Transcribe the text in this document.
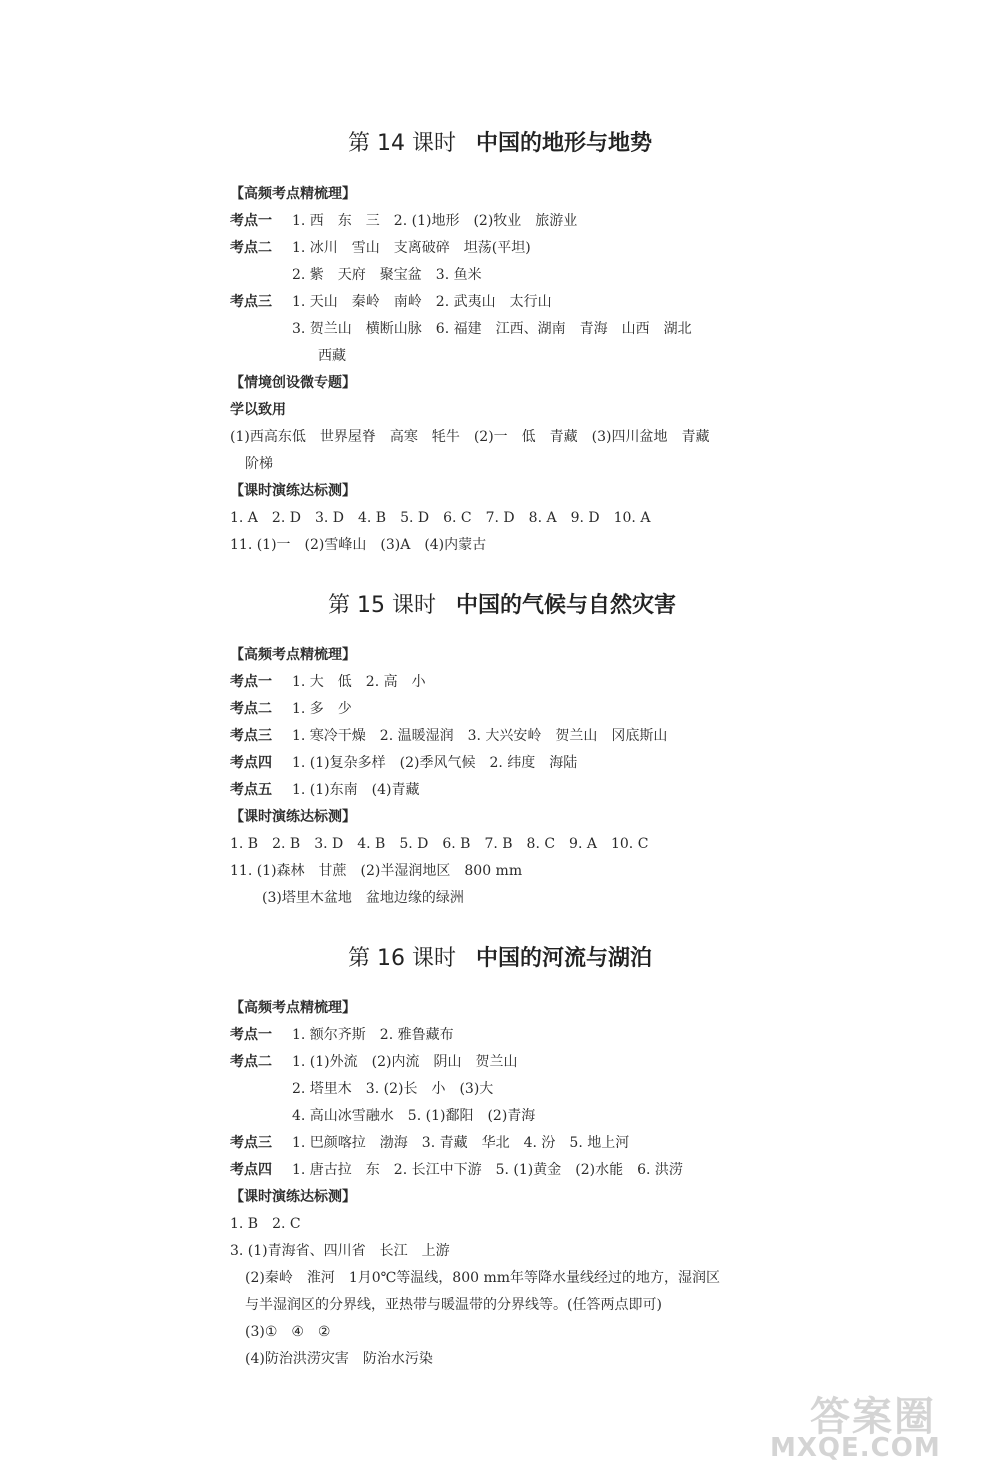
第 14 课时 中国的地形与地势
【高频考点精梳理】
考点一 1. 西　东　三　2. (1)地形　(2)牧业　旅游业
考点二 1. 冰川　雪山　支离破碎　坦荡(平坦)
2. 紫　天府　聚宝盆　3. 鱼米
考点三 1. 天山　秦岭　南岭　2. 武夷山　太行山
3. 贺兰山　横断山脉　6. 福建　江西、湖南　青海　山西　湖北
西藏
【情境创设微专题】
学以致用
(1)西高东低　世界屋脊　高寒　牦牛　(2)一　低　青藏　(3)四川盆地　青藏
阶梯
【课时演练达标测】
1. A　2. D　3. D　4. B　5. D　6. C　7. D　8. A　9. D　10. A
11. (1)一　(2)雪峰山　(3)A　(4)内蒙古
第 15 课时 中国的气候与自然灾害
【高频考点精梳理】
考点一 1. 大　低　2. 高　小
考点二 1. 多　少
考点三 1. 寒冷干燥　2. 温暖湿润　3. 大兴安岭　贺兰山　冈底斯山
考点四 1. (1)复杂多样　(2)季风气候　2. 纬度　海陆
考点五 1. (1)东南　(4)青藏
【课时演练达标测】
1. B　2. B　3. D　4. B　5. D　6. B　7. B　8. C　9. A　10. C
11. (1)森林　甘蔗　(2)半湿润地区　800 mm
(3)塔里木盆地　盆地边缘的绿洲
第 16 课时 中国的河流与湖泊
【高频考点精梳理】
考点一 1. 额尔齐斯　2. 雅鲁藏布
考点二 1. (1)外流　(2)内流　阴山　贺兰山
2. 塔里木　3. (2)长　小　(3)大
4. 高山冰雪融水　5. (1)鄱阳　(2)青海
考点三 1. 巴颜喀拉　渤海　3. 青藏　华北　4. 汾　5. 地上河
考点四 1. 唐古拉　东　2. 长江中下游　5. (1)黄金　(2)水能　6. 洪涝
【课时演练达标测】
1. B　2. C
3. (1)青海省、四川省　长江　上游
(2)秦岭　淮河　1月0℃等温线，800 mm年等降水量线经过的地方，湿润区
与半湿润区的分界线，亚热带与暖温带的分界线等。(任答两点即可)
(3)①　④　②
(4)防治洪涝灾害　防治水污染
答案圈
MXQE.COM
